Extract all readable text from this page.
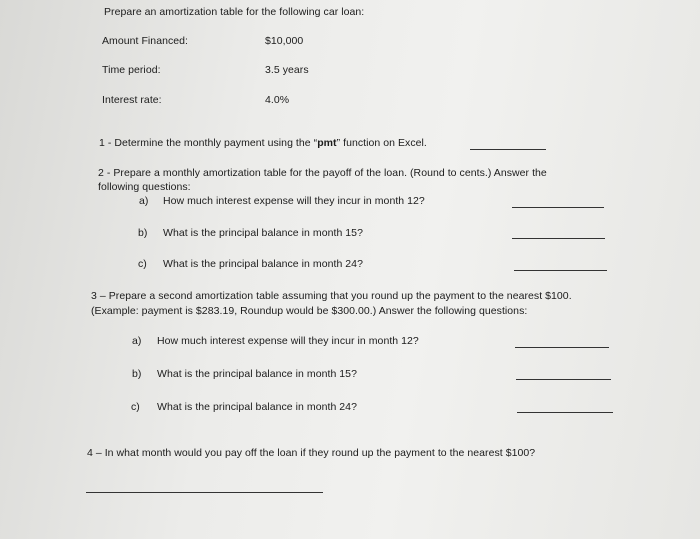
Prepare an amortization table for the following car loan:
Amount Financed:	$10,000
Time period:	3.5 years
Interest rate:	4.0%
1 - Determine the monthly payment using the “pmt” function on Excel.
2 - Prepare a monthly amortization table for the payoff of the loan. (Round to cents.) Answer the
following questions:
a) How much interest expense will they incur in month 12?
b) What is the principal balance in month 15?
c) What is the principal balance in month 24?
3 – Prepare a second amortization table assuming that you round up the payment to the nearest $100.
(Example: payment is $283.19, Roundup would be $300.00.) Answer the following questions:
a) How much interest expense will they incur in month 12?
b) What is the principal balance in month 15?
c) What is the principal balance in month 24?
4 – In what month would you pay off the loan if they round up the payment to the nearest $100?
